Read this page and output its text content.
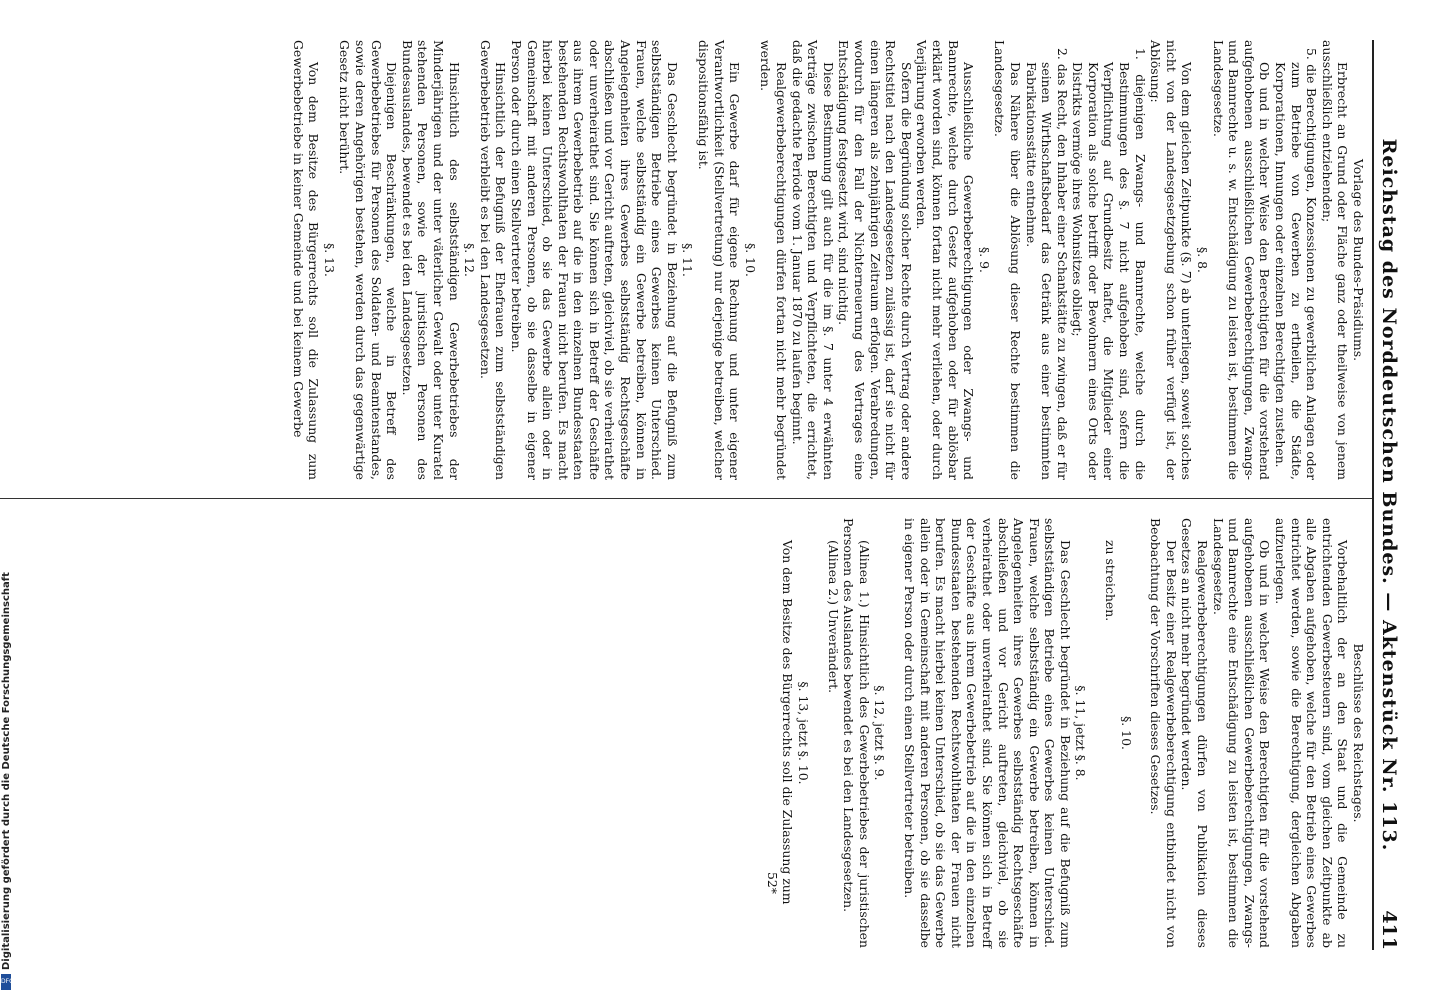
Reichstag des Norddeutschen Bundes. — Aktenstück Nr. 113.
411

Vorlage des Bundes-Präsidiums.

Erbrecht an Grund oder Fläche ganz oder theilweise von jenem ausschließlich entziehenden;

5. die Berechtigungen, Konzessionen zu gewerblichen Anlagen oder zum Betriebe von Gewerben zu ertheilen, die Städte, Korporationen, Innungen oder einzelnen Berechtigten zustehen.

Ob und in welcher Weise den Berechtigten für die vorstehend aufgehobenen ausschließlichen Gewerbeberechtigungen, Zwangs- und Bannrechte u. s. w. Entschädigung zu leisten ist, bestimmen die Landesgesetze.

§. 8.

Von dem gleichen Zeitpunkte (§. 7) ab unterliegen, soweit solches nicht von der Landesgesetzgebung schon früher verfügt ist, der Ablösung:

1. diejenigen Zwangs- und Bannrechte, welche durch die Bestimmungen des §. 7 nicht aufgehoben sind, sofern die Verpflichtung auf Grundbesitz haftet, die Mitglieder einer Korporation als solche betrifft oder Bewohnern eines Orts oder Distrikts vermöge ihres Wohnsitzes obliegt;

2. das Recht, den Inhaber einer Schankstätte zu zwingen, daß er für seinen Wirthschaftsbedarf das Getränk aus einer bestimmten Fabrikationsstätte entnehme.

Das Nähere über die Ablösung dieser Rechte bestimmen die Landesgesetze.

§. 9.

Ausschließliche Gewerbeberechtigungen oder Zwangs- und Bannrechte, welche durch Gesetz aufgehoben oder für ablösbar erklärt worden sind, können fortan nicht mehr verliehen, oder durch Verjährung erworben werden.

Sofern die Begründung solcher Rechte durch Vertrag oder andere Rechtstitel nach den Landesgesetzen zulässig ist, darf sie nicht für einen längeren als zehnjährigen Zeitraum erfolgen. Verabredungen, wodurch für den Fall der Nichterneuerung des Vertrages eine Entschädigung festgesetzt wird, sind nichtig.

Diese Bestimmung gilt auch für die im §. 7 unter 4 erwähnten Verträge zwischen Berechtigten und Verpflichteten, die errichtet, daß die gedachte Periode vom 1. Januar 1870 zu laufen beginnt.

Realgewerbeberechtigungen dürfen fortan nicht mehr begründet werden.

§. 10.

Ein Gewerbe darf für eigene Rechnung und unter eigener Verantwortlichkeit (Stellvertretung) nur derjenige betreiben, welcher dispositionsfähig ist.

§. 11.

Das Geschlecht begründet in Beziehung auf die Befugniß zum selbstständigen Betriebe eines Gewerbes keinen Unterschied. Frauen, welche selbstständig ein Gewerbe betreiben, können in Angelegenheiten ihres Gewerbes selbstständig Rechtsgeschäfte abschließen und vor Gericht auftreten, gleichviel, ob sie verheirathet oder unverheirathet sind. Sie können sich in Betreff der Geschäfte aus ihrem Gewerbebetrieb auf die in den einzelnen Bundesstaaten bestehenden Rechtswohlthaten der Frauen nicht berufen. Es macht hierbei keinen Unterschied, ob sie das Gewerbe allein oder in Gemeinschaft mit anderen Personen, ob sie dasselbe in eigener Person oder durch einen Stellvertreter betreiben.

Hinsichtlich der Befugniß der Ehefrauen zum selbstständigen Gewerbebetrieb verbleibt es bei den Landesgesetzen.

§. 12.

Hinsichtlich des selbstständigen Gewerbebetriebes der Minderjährigen und der unter väterlicher Gewalt oder unter Kuratel stehenden Personen, sowie der juristischen Personen des Bundesauslandes, bewendet es bei den Landesgesetzen.

Diejenigen Beschränkungen, welche in Betreff des Gewerbebetriebes für Personen des Soldaten- und Beamtenstandes, sowie deren Angehörigen bestehen, werden durch das gegenwärtige Gesetz nicht berührt.

§. 13.

Von dem Besitze des Bürgerrechts soll die Zulassung zum Gewerbebetriebe in keiner Gemeinde und bei keinem Gewerbe

Beschlüsse des Reichstages.

Vorbehaltlich der an den Staat und die Gemeinde zu entrichtenden Gewerbesteuern sind, vom gleichen Zeitpunkte ab alle Abgaben aufgehoben, welche für den Betrieb eines Gewerbes entrichtet werden, sowie die Berechtigung, dergleichen Abgaben aufzuerlegen.

Ob und in welcher Weise den Berechtigten für die vorstehend aufgehobenen ausschließlichen Gewerbeberechtigungen, Zwangs- und Bannrechte eine Entschädigung zu leisten ist, bestimmen die Landesgesetze.

Realgewerbeberechtigungen dürfen von Publikation dieses Gesetzes an nicht mehr begründet werden.

Der Besitz einer Realgewerbeberechtigung entbindet nicht von Beobachtung der Vorschriften dieses Gesetzes.

§. 10.

zu streichen.

§. 11, jetzt §. 8.

Das Geschlecht begründet in Beziehung auf die Befugniß zum selbstständigen Betriebe eines Gewerbes keinen Unterschied. Frauen, welche selbstständig ein Gewerbe betreiben, können in Angelegenheiten ihres Gewerbes selbstständig Rechtsgeschäfte abschließen und vor Gericht auftreten, gleichviel, ob sie verheirathet oder unverheirathet sind. Sie können sich in Betreff der Geschäfte aus ihrem Gewerbebetrieb auf die in den einzelnen Bundesstaaten bestehenden Rechtswohlthaten der Frauen nicht berufen. Es macht hierbei keinen Unterschied, ob sie das Gewerbe allein oder in Gemeinschaft mit anderen Personen, ob sie dasselbe in eigener Person oder durch einen Stellvertreter betreiben.

§. 12, jetzt §. 9.

(Alinea 1.) Hinsichtlich des Gewerbebetriebes der juristischen Personen des Auslandes bewendet es bei den Landesgesetzen.

(Alinea 2.) Unverändert.

§. 13, jetzt §. 10.

Von dem Besitze des Bürgerrechts soll die Zulassung zum

52*

Digitalisierung gefördert durch die Deutsche Forschungsgemeinschaft
DFG
